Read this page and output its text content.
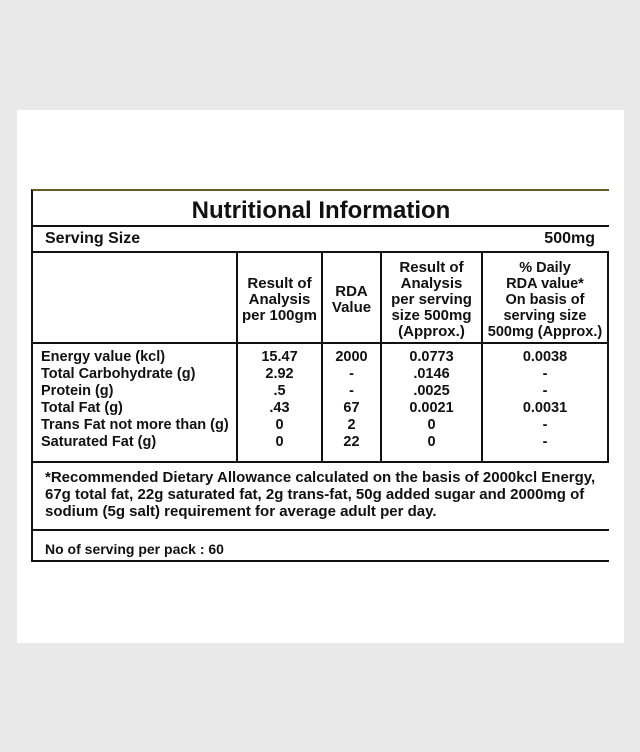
Nutritional Information
Serving Size	500mg
Result of
Analysis
per 100gm
RDA
Value
Result of
Analysis
per serving
size 500mg
(Approx.)
% Daily
RDA value*
On basis of
serving size
500mg (Approx.)
Energy value (kcl)
Total Carbohydrate (g)
Protein (g)
Total Fat (g)
Trans Fat not more than (g)
Saturated Fat (g)
15.47
2.92
.5
.43
0
0
2000
-
-
67
2
22
0.0773
.0146
.0025
0.0021
0
0
0.0038
-
-
0.0031
-
-
*Recommended Dietary Allowance calculated on the basis of 2000kcl Energy, 67g total fat, 22g saturated fat, 2g trans-fat, 50g added sugar and 2000mg of sodium (5g salt) requirement for average adult per day.
No of serving per pack : 60
